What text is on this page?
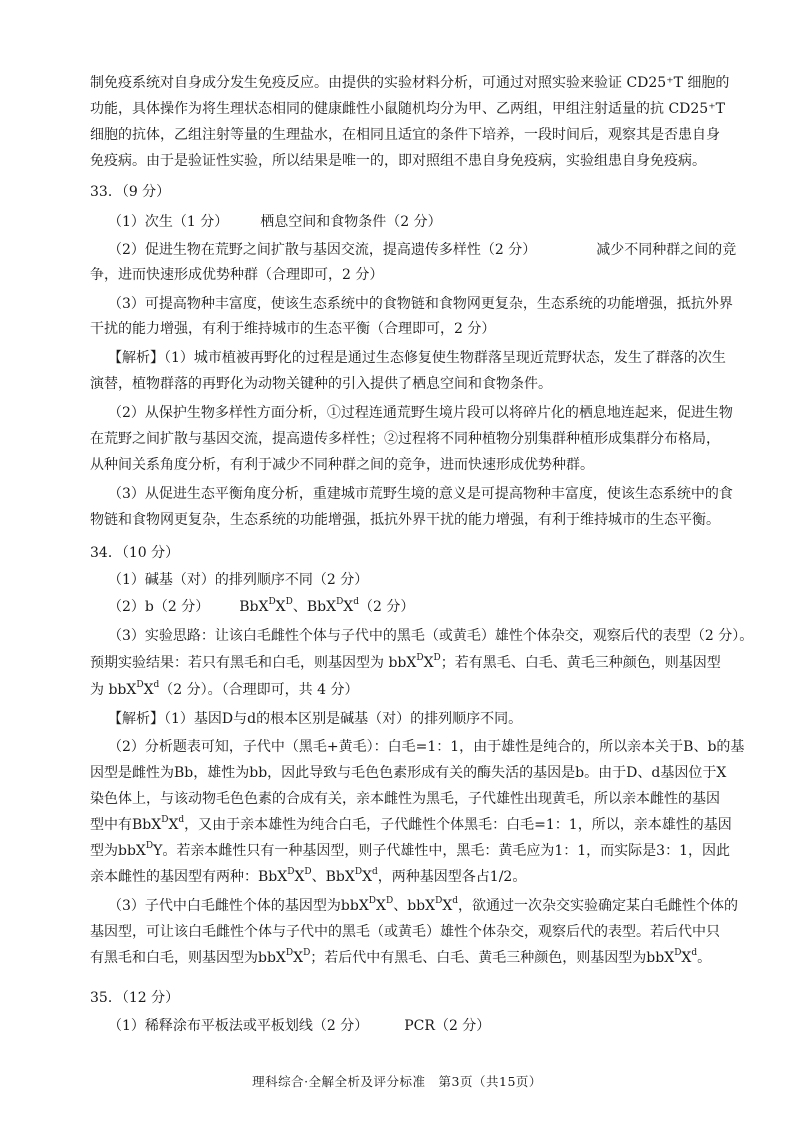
制免疫系统对自身成分发生免疫反应。由提供的实验材料分析，可通过对照实验来验证 CD25⁺T 细胞的
功能，具体操作为将生理状态相同的健康雌性小鼠随机均分为甲、乙两组，甲组注射适量的抗 CD25⁺T
细胞的抗体，乙组注射等量的生理盐水，在相同且适宜的条件下培养，一段时间后，观察其是否患自身
免疫病。由于是验证性实验，所以结果是唯一的，即对照组不患自身免疫病，实验组患自身免疫病。
33．（9 分）
（1）次生（1 分） 栖息空间和食物条件（2 分）
（2）促进生物在荒野之间扩散与基因交流，提高遗传多样性（2 分）	减少不同种群之间的竞
争，进而快速形成优势种群（合理即可，2 分）
（3）可提高物种丰富度，使该生态系统中的食物链和食物网更复杂，生态系统的功能增强，抵抗外界
干扰的能力增强，有利于维持城市的生态平衡（合理即可，2 分）
【解析】（1）城市植被再野化的过程是通过生态修复使生物群落呈现近荒野状态，发生了群落的次生
演替，植物群落的再野化为动物关键种的引入提供了栖息空间和食物条件。
（2）从保护生物多样性方面分析，①过程连通荒野生境片段可以将碎片化的栖息地连起来，促进生物
在荒野之间扩散与基因交流，提高遗传多样性；②过程将不同种植物分别集群种植形成集群分布格局，
从种间关系角度分析，有利于减少不同种群之间的竞争，进而快速形成优势种群。
（3）从促进生态平衡角度分析，重建城市荒野生境的意义是可提高物种丰富度，使该生态系统中的食
物链和食物网更复杂，生态系统的功能增强，抵抗外界干扰的能力增强，有利于维持城市的生态平衡。
34．（10 分）
（1）碱基（对）的排列顺序不同（2 分）
（2）b（2 分） $BbX^DX^D$、$BbX^DX^d(2$ 分）
（3）实验思路：让该白毛雌性个体与子代中的黑毛（或黄毛）雄性个体杂交，观察后代的表型（2 分）。
预期实验结果：若只有黑毛和白毛，则基因型为 $bbX^DX^D$；若有黑毛、白毛、黄毛三种颜色，则基因型
为 $bbX^DX^d(2$ 分）。（合理即可，共 4 分）
【解析】（1）基因D与d的根本区别是碱基（对）的排列顺序不同。
（2）分析题表可知，子代中（黑毛+黄毛）：白毛=1：1，由于雄性是纯合的，所以亲本关于B、b的基
因型是雌性为Bb，雄性为bb，因此导致与毛色色素形成有关的酶失活的基因是b。由于D、d基因位于X
染色体上，与该动物毛色色素的合成有关，亲本雌性为黑毛，子代雄性出现黄毛，所以亲本雌性的基因
型中有$BbX^DX^d$，又由于亲本雄性为纯合白毛，子代雌性个体黑毛：白毛=1：1，所以，亲本雄性的基因
型为bbX$^D$Y。若亲本雌性只有一种基因型，则子代雄性中，黑毛：黄毛应为1：1，而实际是3：1，因此
亲本雌性的基因型有两种：$BbX^DX^D$、$BbX^DX^d$，两种基因型各占1/2。
（3）子代中白毛雌性个体的基因型为$bbX^DX^D$、$bbX^DX^d$，欲通过一次杂交实验确定某白毛雌性个体的
基因型，可让该白毛雌性个体与子代中的黑毛（或黄毛）雄性个体杂交，观察后代的表型。若后代中只
有黑毛和白毛，则基因型为$bbX^DX^D$；若后代中有黑毛、白毛、黄毛三种颜色，则基因型为$bbX^DX^d$。
35．（12 分）
（1）稀释涂布平板法或平板划线（2 分）	PCR（2 分）
理科综合·全解全析及评分标准　第3页（共15页）
